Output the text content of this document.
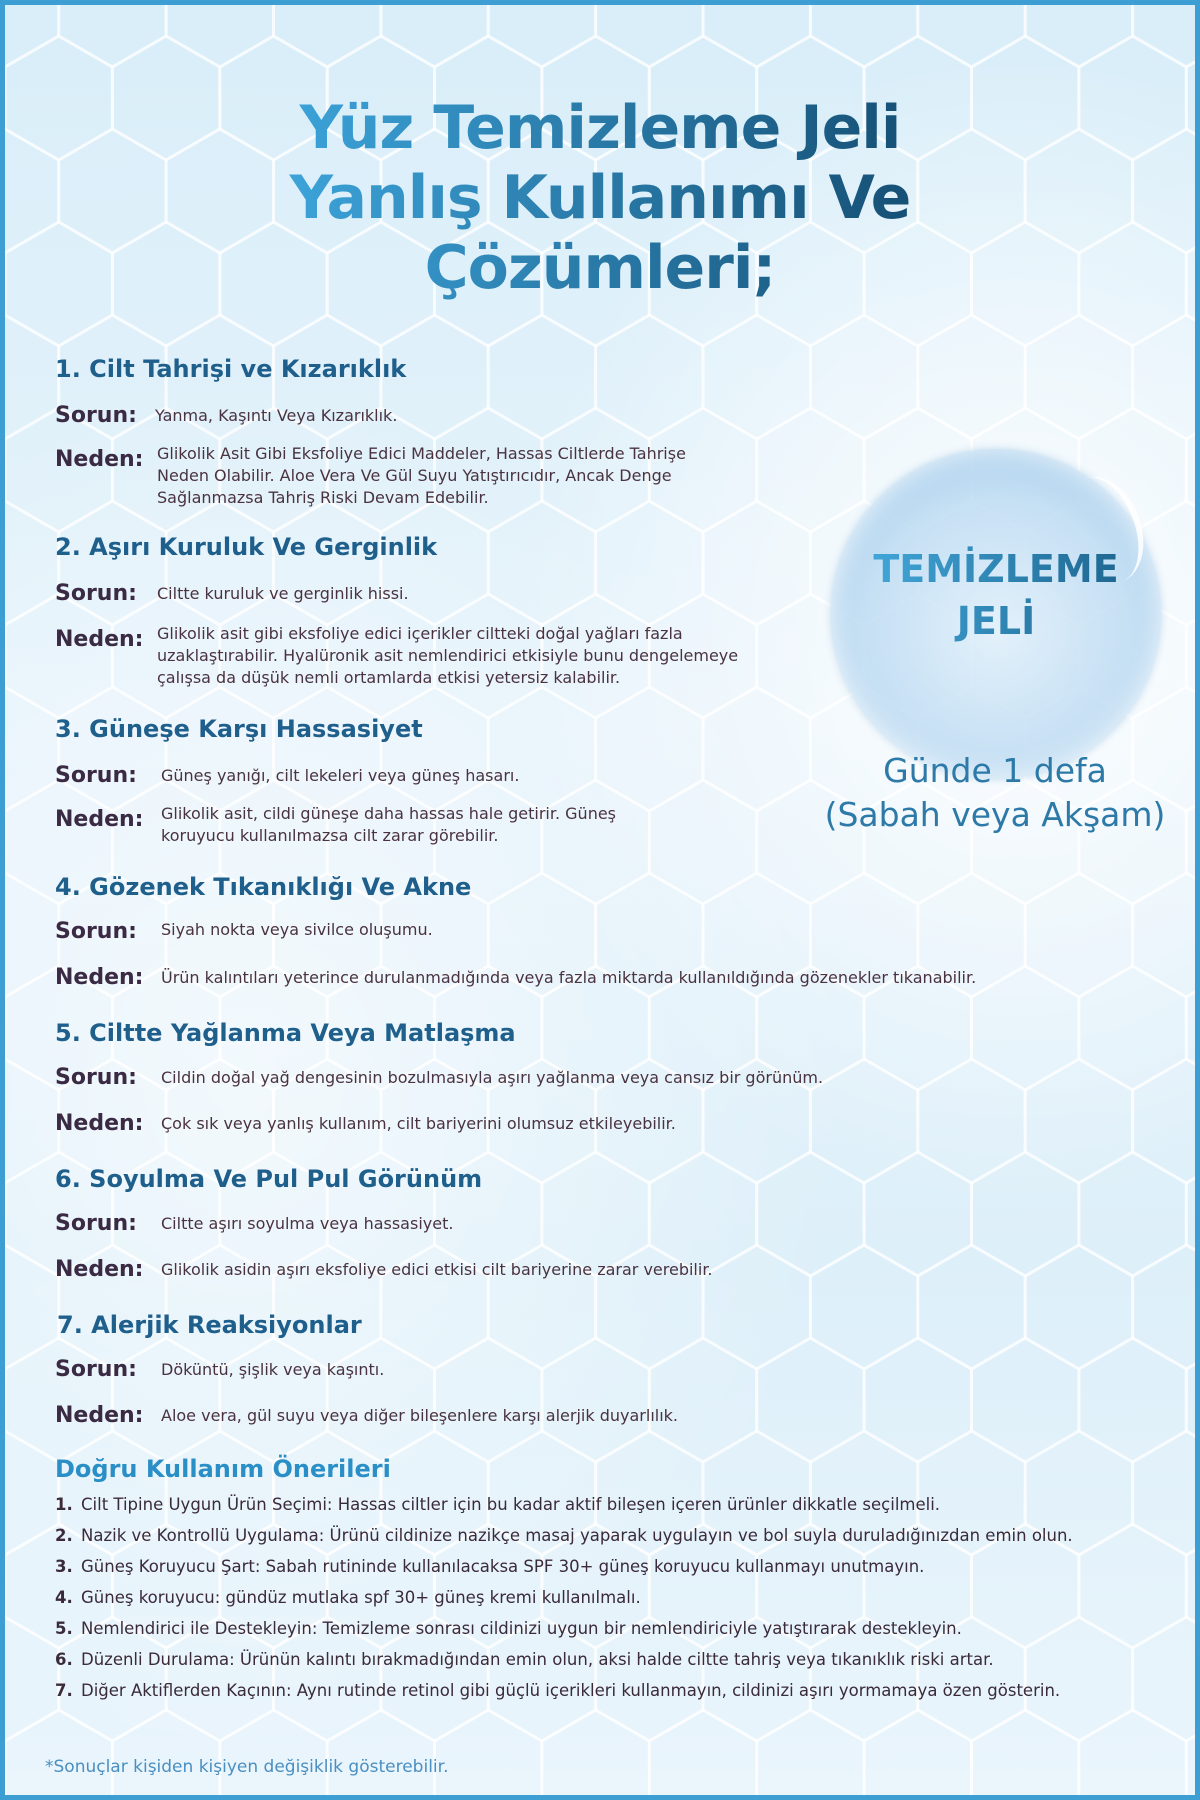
Yüz Temizleme Jeli
Yanlış Kullanımı Ve
Çözümleri;
1. Cilt Tahrişi ve Kızarıklık
Sorun: Yanma, Kaşıntı Veya Kızarıklık.
Neden: Glikolik Asit Gibi Eksfoliye Edici Maddeler, Hassas Ciltlerde Tahrişe
Neden Olabilir. Aloe Vera Ve Gül Suyu Yatıştırıcıdır, Ancak Denge
Sağlanmazsa Tahriş Riski Devam Edebilir.
2. Aşırı Kuruluk Ve Gerginlik
Sorun: Ciltte kuruluk ve gerginlik hissi.
Neden: Glikolik asit gibi eksfoliye edici içerikler ciltteki doğal yağları fazla
uzaklaştırabilir. Hyalüronik asit nemlendirici etkisiyle bunu dengelemeye
çalışsa da düşük nemli ortamlarda etkisi yetersiz kalabilir.
3. Güneşe Karşı Hassasiyet
Sorun: Güneş yanığı, cilt lekeleri veya güneş hasarı.
Neden: Glikolik asit, cildi güneşe daha hassas hale getirir. Güneş
koruyucu kullanılmazsa cilt zarar görebilir.
4. Gözenek Tıkanıklığı Ve Akne
Sorun: Siyah nokta veya sivilce oluşumu.
Neden: Ürün kalıntıları yeterince durulanmadığında veya fazla miktarda kullanıldığında gözenekler tıkanabilir.
5. Ciltte Yağlanma Veya Matlaşma
Sorun: Cildin doğal yağ dengesinin bozulmasıyla aşırı yağlanma veya cansız bir görünüm.
Neden: Çok sık veya yanlış kullanım, cilt bariyerini olumsuz etkileyebilir.
6. Soyulma Ve Pul Pul Görünüm
Sorun: Ciltte aşırı soyulma veya hassasiyet.
Neden: Glikolik asidin aşırı eksfoliye edici etkisi cilt bariyerine zarar verebilir.
7. Alerjik Reaksiyonlar
Sorun: Döküntü, şişlik veya kaşıntı.
Neden: Aloe vera, gül suyu veya diğer bileşenlere karşı alerjik duyarlılık.
TEMİZLEME
JELİ
Günde 1 defa
(Sabah veya Akşam)
Doğru Kullanım Önerileri
1. Cilt Tipine Uygun Ürün Seçimi: Hassas ciltler için bu kadar aktif bileşen içeren ürünler dikkatle seçilmeli.
2. Nazik ve Kontrollü Uygulama: Ürünü cildinize nazikçe masaj yaparak uygulayın ve bol suyla duruladığınızdan emin olun.
3. Güneş Koruyucu Şart: Sabah rutininde kullanılacaksa SPF 30+ güneş koruyucu kullanmayı unutmayın.
4. Güneş koruyucu: gündüz mutlaka spf 30+ güneş kremi kullanılmalı.
5. Nemlendirici ile Destekleyin: Temizleme sonrası cildinizi uygun bir nemlendiriciyle yatıştırarak destekleyin.
6. Düzenli Durulama: Ürünün kalıntı bırakmadığından emin olun, aksi halde ciltte tahriş veya tıkanıklık riski artar.
7. Diğer Aktiflerden Kaçının: Aynı rutinde retinol gibi güçlü içerikleri kullanmayın, cildinizi aşırı yormamaya özen gösterin.
*Sonuçlar kişiden kişiyen değişiklik gösterebilir.
